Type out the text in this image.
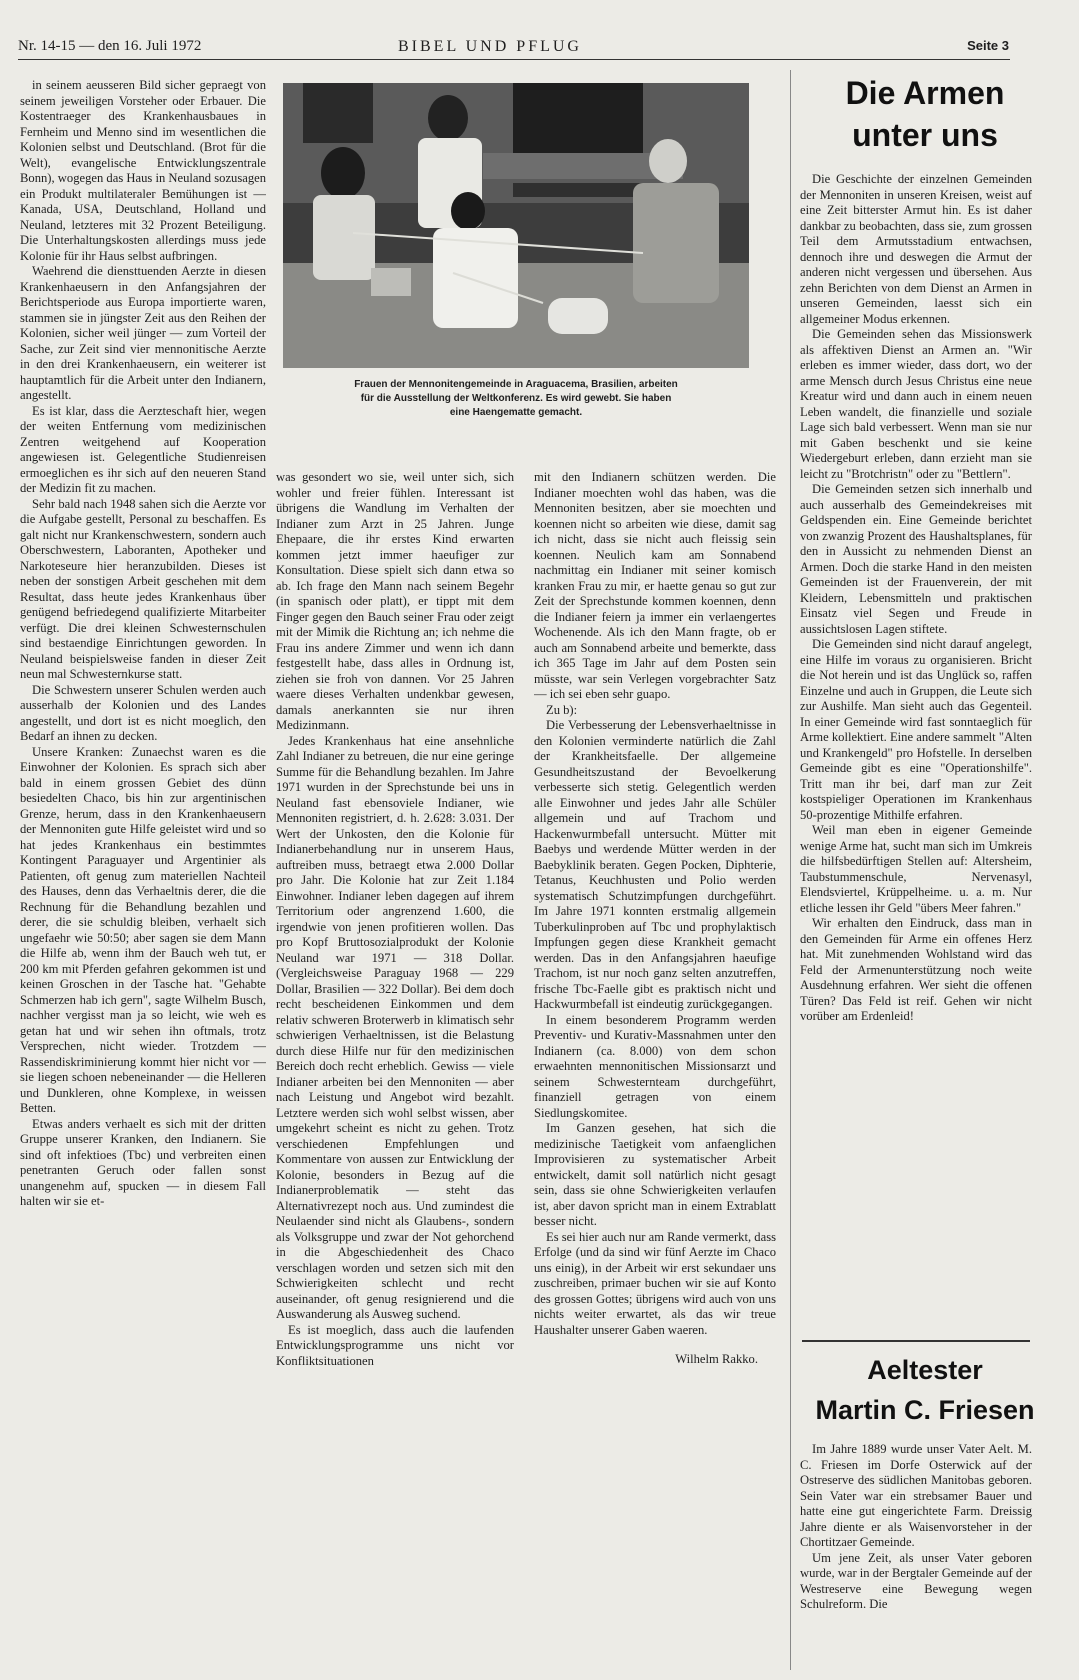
Nr. 14-15 — den 16. Juli 1972	BIBEL UND PFLUG	Seite 3

in seinem aeusseren Bild sicher gepraegt von seinem jeweiligen Vorsteher oder Erbauer. Die Kostentraeger des Krankenhausbaues in Fernheim und Menno sind im wesentlichen die Kolonien selbst und Deutschland. (Brot für die Welt), evangelische Entwicklungszentrale Bonn), wogegen das Haus in Neuland sozusagen ein Produkt multilateraler Bemühungen ist — Kanada, USA, Deutschland, Holland und Neuland, letzteres mit 32 Prozent Beteiligung. Die Unterhaltungskosten allerdings muss jede Kolonie für ihr Haus selbst aufbringen.

Waehrend die diensttuenden Aerzte in diesen Krankenhaeusern in den Anfangsjahren der Berichtsperiode aus Europa importierte waren, stammen sie in jüngster Zeit aus den Reihen der Kolonien, sicher weil jünger — zum Vorteil der Sache, zur Zeit sind vier mennonitische Aerzte in den drei Krankenhaeusern, ein weiterer ist hauptamtlich für die Arbeit unter den Indianern, angestellt.

Es ist klar, dass die Aerzteschaft hier, wegen der weiten Entfernung vom medizinischen Zentren weitgehend auf Kooperation angewiesen ist. Gelegentliche Studienreisen ermoeglichen es ihr sich auf den neueren Stand der Medizin fit zu machen.

Sehr bald nach 1948 sahen sich die Aerzte vor die Aufgabe gestellt, Personal zu beschaffen. Es galt nicht nur Krankenschwestern, sondern auch Oberschwestern, Laboranten, Apotheker und Narkoteseure hier heranzubilden. Dieses ist neben der sonstigen Arbeit geschehen mit dem Resultat, dass heute jedes Krankenhaus über genügend befriedegend qualifizierte Mitarbeiter verfügt. Die drei kleinen Schwesternschulen sind bestaendige Einrichtungen geworden. In Neuland beispielsweise fanden in dieser Zeit neun mal Schwesternkurse statt.

Die Schwestern unserer Schulen werden auch ausserhalb der Kolonien und des Landes angestellt, und dort ist es nicht moeglich, den Bedarf an ihnen zu decken.

Unsere Kranken: Zunaechst waren es die Einwohner der Kolonien. Es sprach sich aber bald in einem grossen Gebiet des dünn besiedelten Chaco, bis hin zur argentinischen Grenze, herum, dass in den Krankenhaeusern der Mennoniten gute Hilfe geleistet wird und so hat jedes Krankenhaus ein bestimmtes Kontingent Paraguayer und Argentinier als Patienten, oft genug zum materiellen Nachteil des Hauses, denn das Verhaeltnis derer, die die Rechnung für die Behandlung bezahlen und derer, die sie schuldig bleiben, verhaelt sich ungefaehr wie 50:50; aber sagen sie dem Mann die Hilfe ab, wenn ihm der Bauch weh tut, er 200 km mit Pferden gefahren gekommen ist und keinen Groschen in der Tasche hat. "Gehabte Schmerzen hab ich gern", sagte Wilhelm Busch, nachher vergisst man ja so leicht, wie weh es getan hat und wir sehen ihn oftmals, trotz Versprechen, nicht wieder. Trotzdem — Rassendiskriminierung kommt hier nicht vor — sie liegen schoen nebeneinander — die Helleren und Dunkleren, ohne Komplexe, in weissen Betten.

Etwas anders verhaelt es sich mit der dritten Gruppe unserer Kranken, den Indianern. Sie sind oft infektioes (Tbc) und verbreiten einen penetranten Geruch oder fallen sonst unangenehm auf, spucken — in diesem Fall halten wir sie et-

Frauen der Mennonitengemeinde in Araguacema, Brasilien, arbeiten
für die Ausstellung der Weltkonferenz. Es wird gewebt. Sie haben
eine Haengematte gemacht.

was gesondert wo sie, weil unter sich, sich wohler und freier fühlen. Interessant ist übrigens die Wandlung im Verhalten der Indianer zum Arzt in 25 Jahren. Junge Ehepaare, die ihr erstes Kind erwarten kommen jetzt immer haeufiger zur Konsultation. Diese spielt sich dann etwa so ab. Ich frage den Mann nach seinem Begehr (in spanisch oder platt), er tippt mit dem Finger gegen den Bauch seiner Frau oder zeigt mit der Mimik die Richtung an; ich nehme die Frau ins andere Zimmer und wenn ich dann festgestellt habe, dass alles in Ordnung ist, ziehen sie froh von dannen. Vor 25 Jahren waere dieses Verhalten undenkbar gewesen, damals anerkannten sie nur ihren Medizinmann.

Jedes Krankenhaus hat eine ansehnliche Zahl Indianer zu betreuen, die nur eine geringe Summe für die Behandlung bezahlen. Im Jahre 1971 wurden in der Sprechstunde bei uns in Neuland fast ebensoviele Indianer, wie Mennoniten registriert, d. h. 2.628: 3.031. Der Wert der Unkosten, den die Kolonie für Indianerbehandlung nur in unserem Haus, auftreiben muss, betraegt etwa 2.000 Dollar pro Jahr. Die Kolonie hat zur Zeit 1.184 Einwohner. Indianer leben dagegen auf ihrem Territorium oder angrenzend 1.600, die irgendwie von jenen profitieren wollen. Das pro Kopf Bruttosozialprodukt der Kolonie Neuland war 1971 — 318 Dollar. (Vergleichsweise Paraguay 1968 — 229 Dollar, Brasilien — 322 Dollar). Bei dem doch recht bescheidenen Einkommen und dem relativ schweren Broterwerb in klimatisch sehr schwierigen Verhaeltnissen, ist die Belastung durch diese Hilfe nur für den medizinischen Bereich doch recht erheblich. Gewiss — viele Indianer arbeiten bei den Mennoniten — aber nach Leistung und Angebot wird bezahlt. Letztere werden sich wohl selbst wissen, aber umgekehrt scheint es nicht zu gehen. Trotz verschiedenen Empfehlungen und Kommentare von aussen zur Entwicklung der Kolonie, besonders in Bezug auf die Indianerproblematik — steht das Alternativrezept noch aus. Und zumindest die Neulaender sind nicht als Glaubens-, sondern als Volksgruppe und zwar der Not gehorchend in die Abgeschiedenheit des Chaco verschlagen worden und setzen sich mit den Schwierigkeiten schlecht und recht auseinander, oft genug resignierend und die Auswanderung als Ausweg suchend.

Es ist moeglich, dass auch die laufenden Entwicklungsprogramme uns nicht vor Konfliktsituationen

mit den Indianern schützen werden. Die Indianer moechten wohl das haben, was die Mennoniten besitzen, aber sie moechten und koennen nicht so arbeiten wie diese, damit sag ich nicht, dass sie nicht auch fleissig sein koennen. Neulich kam am Sonnabend nachmittag ein Indianer mit seiner komisch kranken Frau zu mir, er haette genau so gut zur Zeit der Sprechstunde kommen koennen, denn die Indianer feiern ja immer ein verlaengertes Wochenende. Als ich den Mann fragte, ob er auch am Sonnabend arbeite und bemerkte, dass ich 365 Tage im Jahr auf dem Posten sein müsste, war sein Verlegen vorgebrachter Satz — ich sei eben sehr guapo.

Zu b):

Die Verbesserung der Lebensverhaeltnisse in den Kolonien verminderte natürlich die Zahl der Krankheitsfaelle. Der allgemeine Gesundheitszustand der Bevoelkerung verbesserte sich stetig. Gelegentlich werden alle Einwohner und jedes Jahr alle Schüler allgemein und auf Trachom und Hackenwurmbefall untersucht. Mütter mit Baebys und werdende Mütter werden in der Baebyklinik beraten. Gegen Pocken, Diphterie, Tetanus, Keuchhusten und Polio werden systematisch Schutzimpfungen durchgeführt. Im Jahre 1971 konnten erstmalig allgemein Tuberkulinproben auf Tbc und prophylaktisch Impfungen gegen diese Krankheit gemacht werden. Das in den Anfangsjahren haeufige Trachom, ist nur noch ganz selten anzutreffen, frische Tbc-Faelle gibt es praktisch nicht und Hackwurmbefall ist eindeutig zurückgegangen.

In einem besonderem Programm werden Preventiv- und Kurativ-Massnahmen unter den Indianern (ca. 8.000) von dem schon erwaehnten mennonitischen Missionsarzt und seinem Schwesternteam durchgeführt, finanziell getragen von einem Siedlungskomitee.

Im Ganzen gesehen, hat sich die medizinische Taetigkeit vom anfaenglichen Improvisieren zu systematischer Arbeit entwickelt, damit soll natürlich nicht gesagt sein, dass sie ohne Schwierigkeiten verlaufen ist, aber davon spricht man in einem Extrablatt besser nicht.

Es sei hier auch nur am Rande vermerkt, dass Erfolge (und da sind wir fünf Aerzte im Chaco uns einig), in der Arbeit wir erst sekundaer uns zuschreiben, primaer buchen wir sie auf Konto des grossen Gottes; übrigens wird auch von uns nichts weiter erwartet, als das wir treue Haushalter unserer Gaben waeren.

Wilhelm Rakko.

Die Armen
unter uns

Die Geschichte der einzelnen Gemeinden der Mennoniten in unseren Kreisen, weist auf eine Zeit bitterster Armut hin. Es ist daher dankbar zu beobachten, dass sie, zum grossen Teil dem Armutsstadium entwachsen, dennoch ihre und deswegen die Armut der anderen nicht vergessen und übersehen. Aus zehn Berichten von dem Dienst an Armen in unseren Gemeinden, laesst sich ein allgemeiner Modus erkennen.

Die Gemeinden sehen das Missionswerk als affektiven Dienst an Armen an. "Wir erleben es immer wieder, dass dort, wo der arme Mensch durch Jesus Christus eine neue Kreatur wird und dann auch in einem neuen Leben wandelt, die finanzielle und soziale Lage sich bald verbessert. Wenn man sie nur mit Gaben beschenkt und sie keine Wiedergeburt erleben, dann erzieht man sie leicht zu "Brotchristn" oder zu "Bettlern".

Die Gemeinden setzen sich innerhalb und auch ausserhalb des Gemeindekreises mit Geldspenden ein. Eine Gemeinde berichtet von zwanzig Prozent des Haushaltsplanes, für den in Aussicht zu nehmenden Dienst an Armen. Doch die starke Hand in den meisten Gemeinden ist der Frauenverein, der mit Kleidern, Lebensmitteln und praktischen Einsatz viel Segen und Freude in aussichtslosen Lagen stiftete.

Die Gemeinden sind nicht darauf angelegt, eine Hilfe im voraus zu organisieren. Bricht die Not herein und ist das Unglück so, raffen Einzelne und auch in Gruppen, die Leute sich zur Aushilfe. Man sieht auch das Gegenteil. In einer Gemeinde wird fast sonntaeglich für Arme kollektiert. Eine andere sammelt "Alten und Krankengeld" pro Hofstelle. In derselben Gemeinde gibt es eine "Operationshilfe". Tritt man ihr bei, darf man zur Zeit kostspieliger Operationen im Krankenhaus 50-prozentige Mithilfe erfahren.

Weil man eben in eigener Gemeinde wenige Arme hat, sucht man sich im Umkreis die hilfsbedürftigen Stellen auf: Altersheim, Taubstummenschule, Nervenasyl, Elendsviertel, Krüppelheime. u. a. m. Nur etliche lessen ihr Geld "übers Meer fahren."

Wir erhalten den Eindruck, dass man in den Gemeinden für Arme ein offenes Herz hat. Mit zunehmenden Wohlstand wird das Feld der Armenunterstützung noch weite Ausdehnung erfahren. Wer sieht die offenen Türen? Das Feld ist reif. Gehen wir nicht vorüber am Erdenleid!

Aeltester
Martin C. Friesen

Im Jahre 1889 wurde unser Vater Aelt. M. C. Friesen im Dorfe Osterwick auf der Ostreserve des südlichen Manitobas geboren. Sein Vater war ein strebsamer Bauer und hatte eine gut eingerichtete Farm. Dreissig Jahre diente er als Waisenvorsteher in der Chortitzaer Gemeinde.

Um jene Zeit, als unser Vater geboren wurde, war in der Bergtaler Gemeinde auf der Westreserve eine Bewegung wegen Schulreform. Die
